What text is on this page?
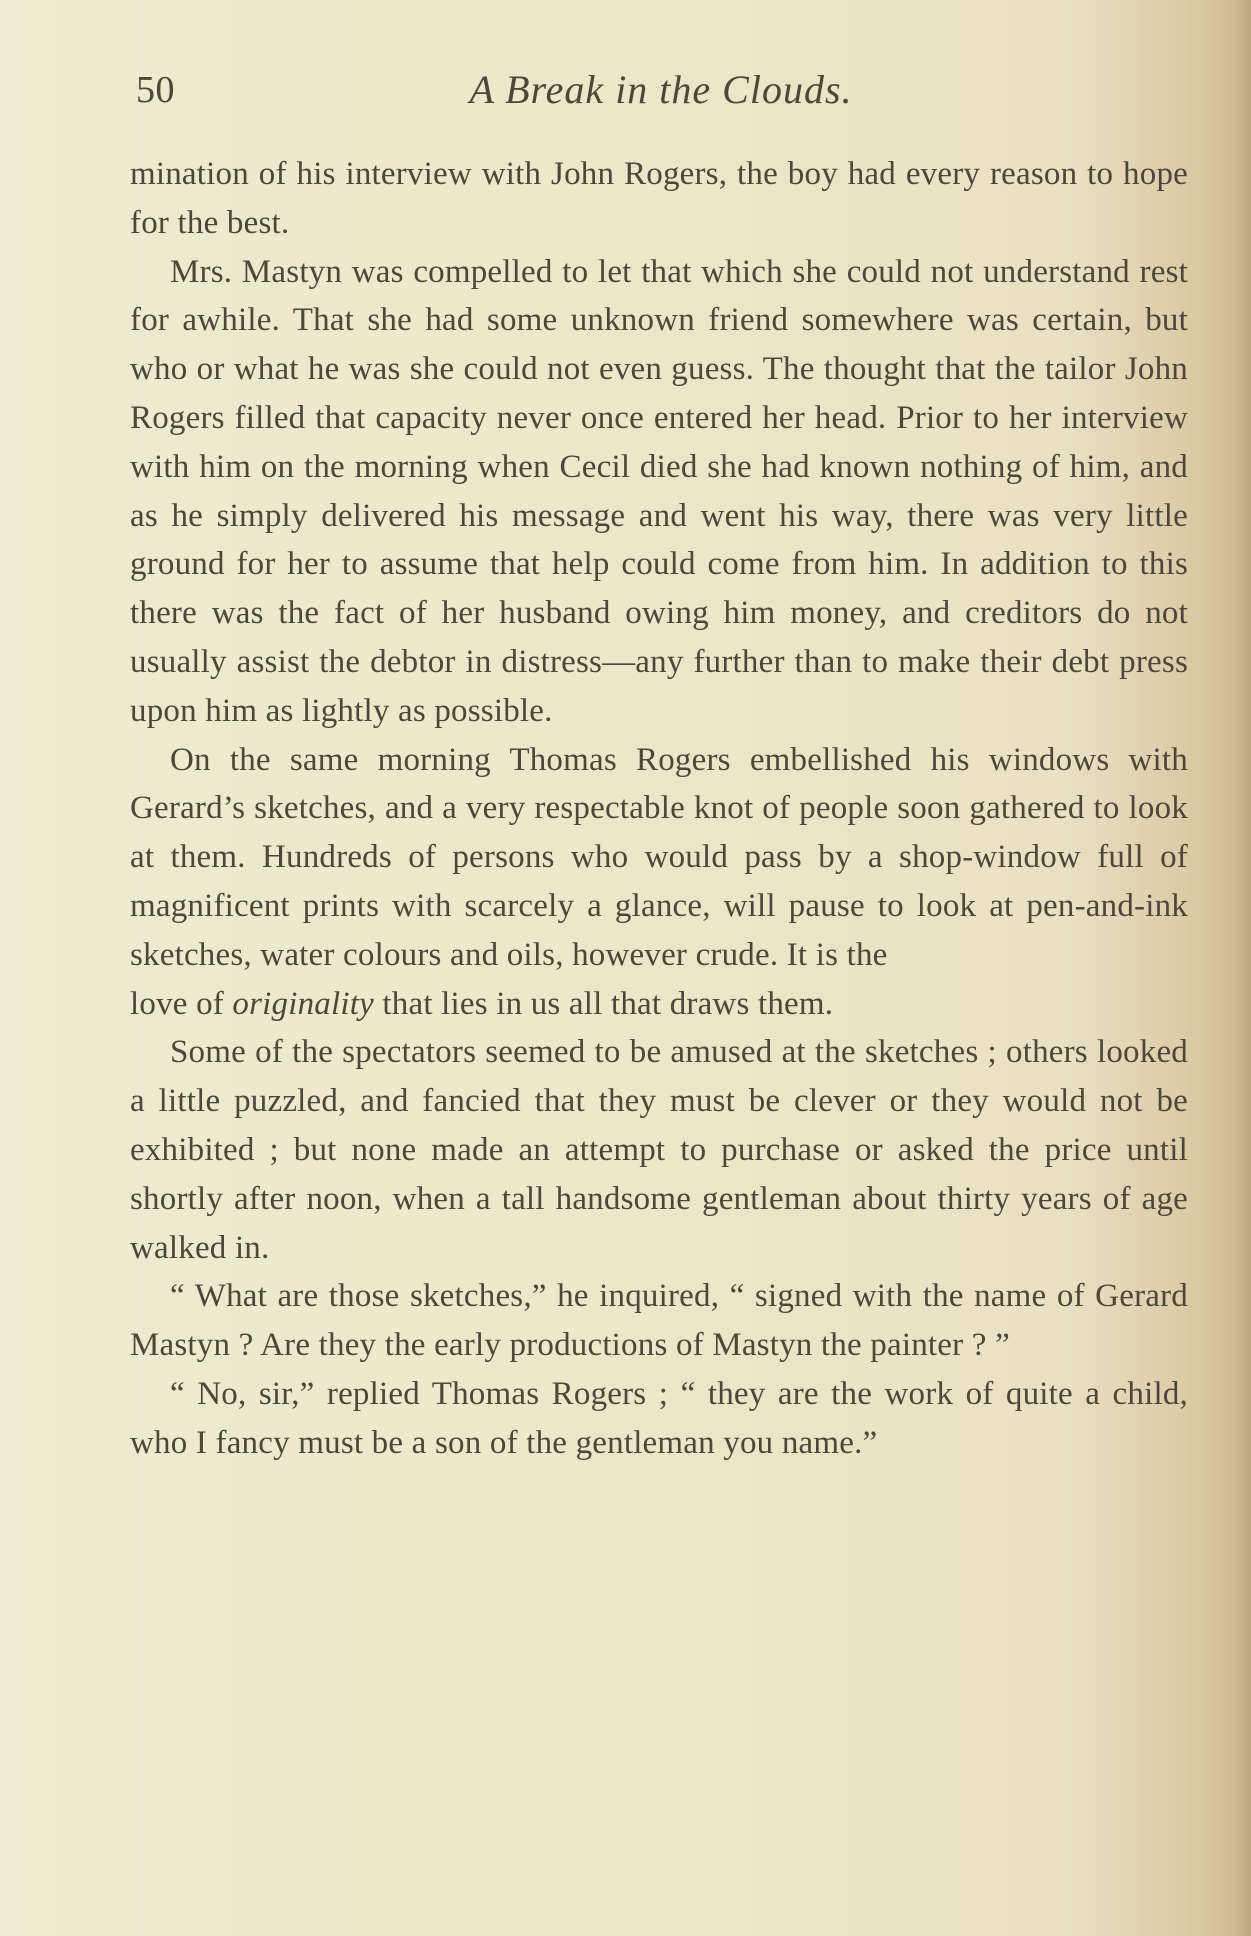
50	A Break in the Clouds.

mination of his interview with John Rogers, the boy had every reason to hope for the best.

Mrs. Mastyn was compelled to let that which she could not understand rest for awhile. That she had some unknown friend somewhere was certain, but who or what he was she could not even guess. The thought that the tailor John Rogers filled that capacity never once entered her head. Prior to her interview with him on the morning when Cecil died she had known nothing of him, and as he simply delivered his message and went his way, there was very little ground for her to assume that help could come from him. In addition to this there was the fact of her husband owing him money, and creditors do not usually assist the debtor in distress—any further than to make their debt press upon him as lightly as possible.

On the same morning Thomas Rogers embellished his windows with Gerard’s sketches, and a very respectable knot of people soon gathered to look at them. Hundreds of persons who would pass by a shop-window full of magnificent prints with scarcely a glance, will pause to look at pen-and-ink sketches, water colours and oils, however crude. It is the

love of originality that lies in us all that draws them.

Some of the spectators seemed to be amused at the sketches ; others looked a little puzzled, and fancied that they must be clever or they would not be exhibited ; but none made an attempt to purchase or asked the price until shortly after noon, when a tall handsome gentleman about thirty years of age walked in.

“ What are those sketches,” he inquired, “ signed with the name of Gerard Mastyn ? Are they the early productions of Mastyn the painter ? ”

“ No, sir,” replied Thomas Rogers ; “ they are the work of quite a child, who I fancy must be a son of the gentleman you name.”
